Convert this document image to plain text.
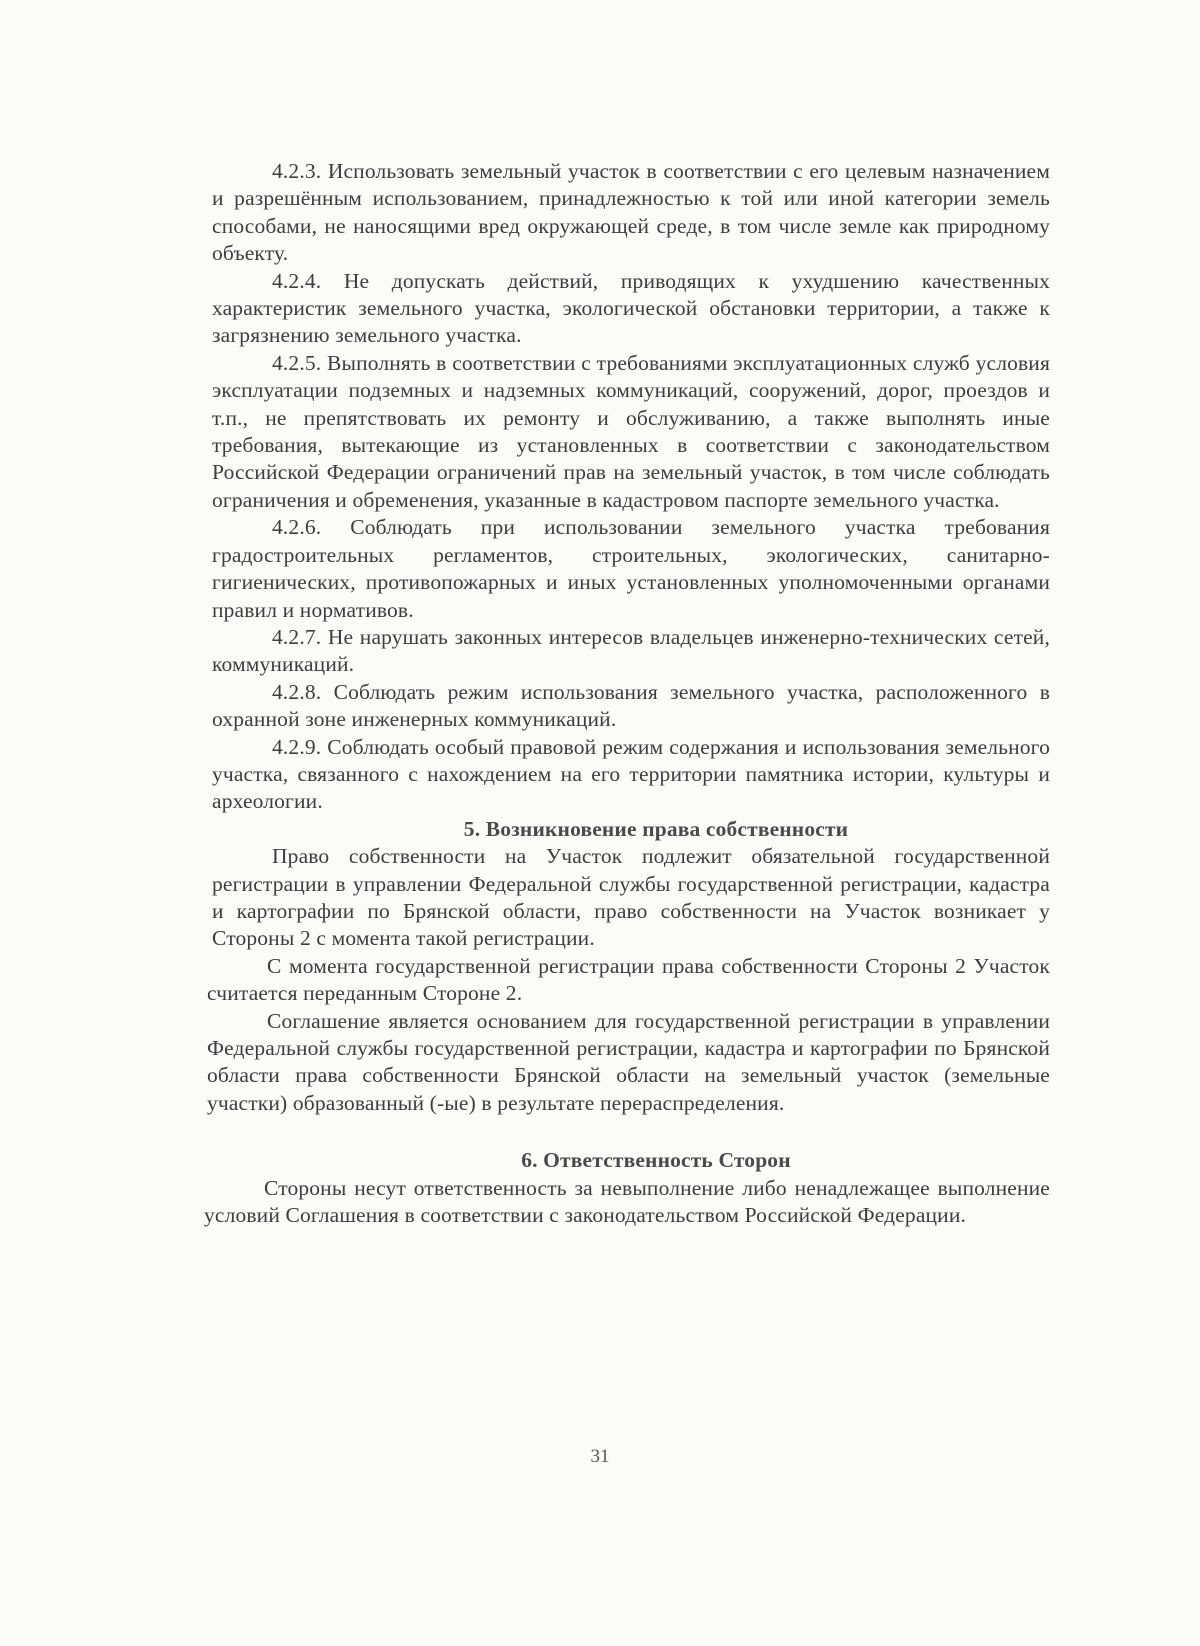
4.2.3. Использовать земельный участок в соответствии с его целевым назначением и разрешённым использованием, принадлежностью к той или иной категории земель способами, не наносящими вред окружающей среде, в том числе земле как природному объекту.

4.2.4. Не допускать действий, приводящих к ухудшению качественных характеристик земельного участка, экологической обстановки территории, а также к загрязнению земельного участка.

4.2.5. Выполнять в соответствии с требованиями эксплуатационных служб условия эксплуатации подземных и надземных коммуникаций, сооружений, дорог, проездов и т.п., не препятствовать их ремонту и обслуживанию, а также выполнять иные требования, вытекающие из установленных в соответствии с законодательством Российской Федерации ограничений прав на земельный участок, в том числе соблюдать ограничения и обременения, указанные в кадастровом паспорте земельного участка.

4.2.6. Соблюдать при использовании земельного участка требования градостроительных регламентов, строительных, экологических, санитарно-гигиенических, противопожарных и иных установленных уполномоченными органами правил и нормативов.

4.2.7. Не нарушать законных интересов владельцев инженерно-технических сетей, коммуникаций.

4.2.8. Соблюдать режим использования земельного участка, расположенного в охранной зоне инженерных коммуникаций.

4.2.9. Соблюдать особый правовой режим содержания и использования земельного участка, связанного с нахождением на его территории памятника истории, культуры и археологии.

5. Возникновение права собственности

Право собственности на Участок подлежит обязательной государственной регистрации в управлении Федеральной службы государственной регистрации, кадастра и картографии по Брянской области, право собственности на Участок возникает у Стороны 2 с момента такой регистрации.

С момента государственной регистрации права собственности Стороны 2 Участок считается переданным Стороне 2.

Соглашение является основанием для государственной регистрации в управлении Федеральной службы государственной регистрации, кадастра и картографии по Брянской области права собственности Брянской области на земельный участок (земельные участки) образованный (-ые) в результате перераспределения.

6. Ответственность Сторон

Стороны несут ответственность за невыполнение либо ненадлежащее выполнение условий Соглашения в соответствии с законодательством Российской Федерации.

31
